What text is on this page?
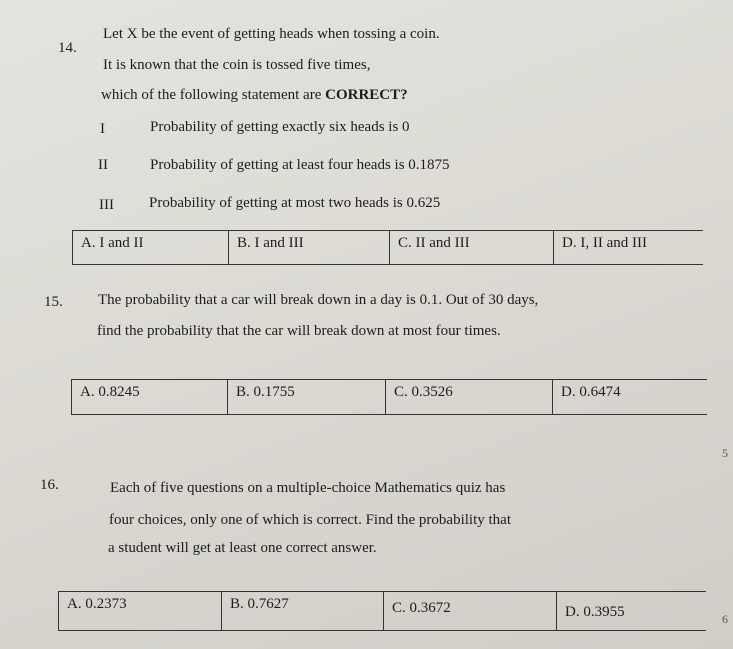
14.
Let X be the event of getting heads when tossing a coin.
It is known that the coin is tossed five times,
which of the following statement are CORRECT?
I	Probability of getting exactly six heads is 0
II	Probability of getting at least four heads is 0.1875
III Probability of getting at most two heads is 0.625
A. I and II	B. I and III	C. II and III	D. I, II and III
15. The probability that a car will break down in a day is 0.1. Out of 30 days,
find the probability that the car will break down at most four times.
A. 0.8245	B. 0.1755	C. 0.3526	D. 0.6474
16.	Each of five questions on a multiple-choice Mathematics quiz has
four choices, only one of which is correct. Find the probability that
a student will get at least one correct answer.
A. 0.2373	B. 0.7627	C. 0.3672	D. 0.3955
5
6
